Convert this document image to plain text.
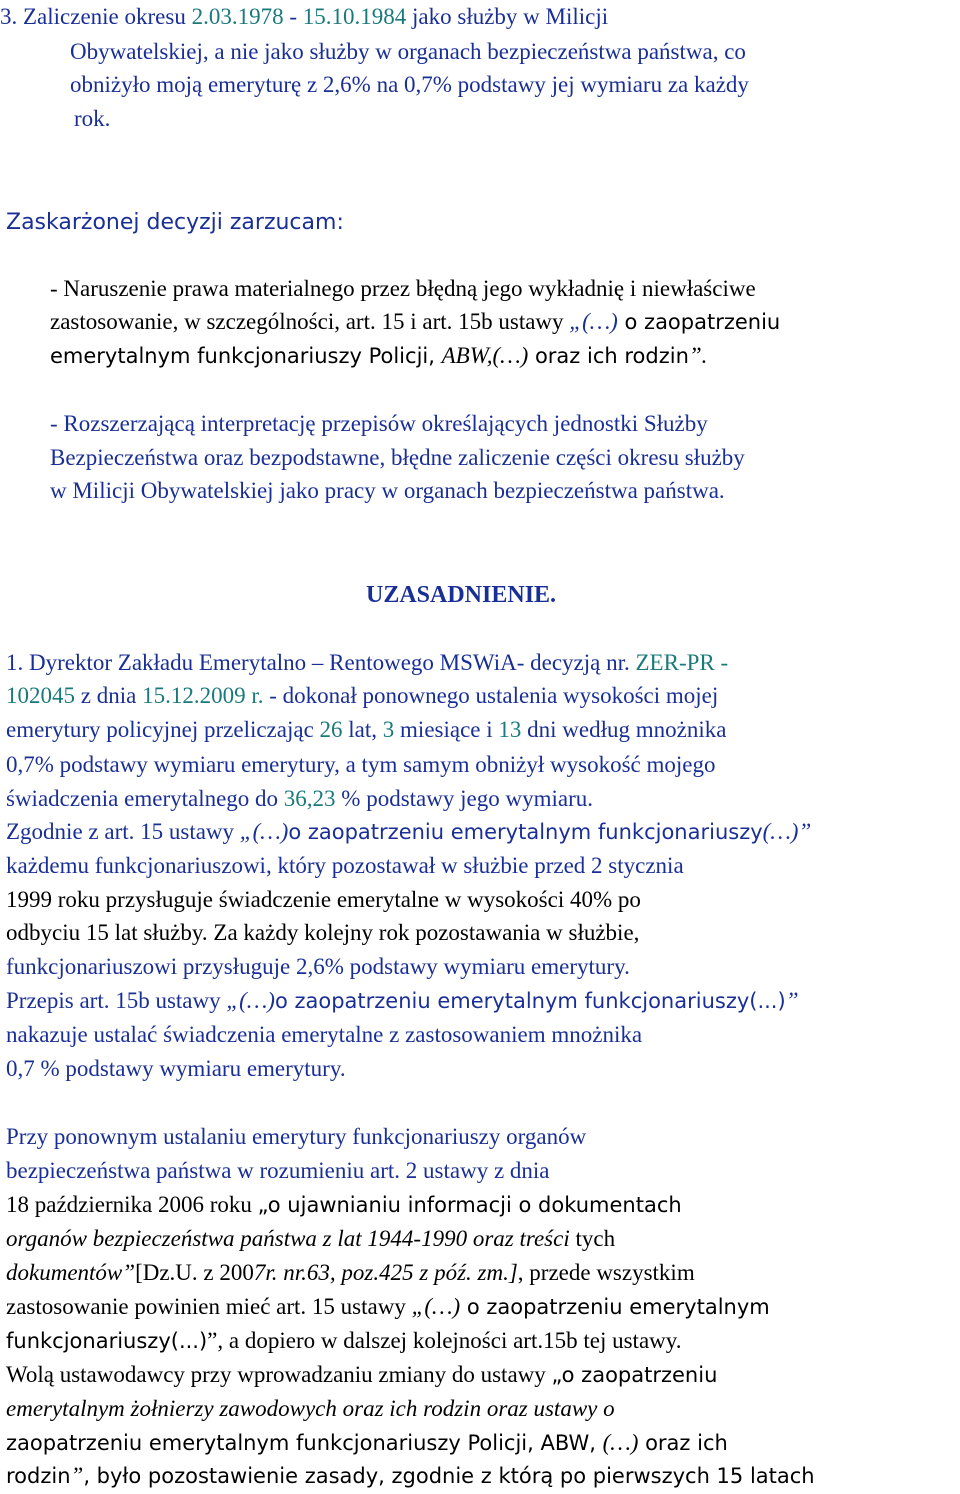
3. Zaliczenie okresu 2.03.1978 - 15.10.1984 jako służby w Milicji
Obywatelskiej, a nie jako służby w organach bezpieczeństwa państwa, co
obniżyło moją emeryturę z 2,6% na 0,7% podstawy jej wymiaru za każdy
rok.
Zaskarżonej decyzji zarzucam:
- Naruszenie prawa materialnego przez błędną jego wykładnię i niewłaściwe
zastosowanie, w szczególności, art. 15 i art. 15b ustawy „(…) o zaopatrzeniu
emerytalnym funkcjonariuszy Policji, ABW,(…) oraz ich rodzin”.
- Rozszerzającą interpretację przepisów określających jednostki Służby
Bezpieczeństwa oraz bezpodstawne, błędne zaliczenie części okresu służby
w Milicji Obywatelskiej jako pracy w organach bezpieczeństwa państwa.
UZASADNIENIE.
1. Dyrektor Zakładu Emerytalno – Rentowego MSWiA- decyzją nr. ZER-PR -
102045 z dnia 15.12.2009 r. - dokonał ponownego ustalenia wysokości mojej
emerytury policyjnej przeliczając 26 lat, 3 miesiące i 13 dni według mnożnika
0,7% podstawy wymiaru emerytury, a tym samym obniżył wysokość mojego
świadczenia emerytalnego do 36,23 % podstawy jego wymiaru.
Zgodnie z art. 15 ustawy „(…)o zaopatrzeniu emerytalnym funkcjonariuszy(…)”
każdemu funkcjonariuszowi, który pozostawał w służbie przed 2 stycznia
1999 roku przysługuje świadczenie emerytalne w wysokości 40% po
odbyciu 15 lat służby. Za każdy kolejny rok pozostawania w służbie,
funkcjonariuszowi przysługuje 2,6% podstawy wymiaru emerytury.
Przepis art. 15b ustawy „(…)o zaopatrzeniu emerytalnym funkcjonariuszy(...)”
nakazuje ustalać świadczenia emerytalne z zastosowaniem mnożnika
0,7 % podstawy wymiaru emerytury.
Przy ponownym ustalaniu emerytury funkcjonariuszy organów
bezpieczeństwa państwa w rozumieniu art. 2 ustawy z dnia
18 października 2006 roku „o ujawnianiu informacji o dokumentach
organów bezpieczeństwa państwa z lat 1944-1990 oraz treści tych
dokumentów”[Dz.U. z 2007r. nr.63, poz.425 z póź. zm.], przede wszystkim
zastosowanie powinien mieć art. 15 ustawy „(…) o zaopatrzeniu emerytalnym
funkcjonariuszy(...)”, a dopiero w dalszej kolejności art.15b tej ustawy.
Wolą ustawodawcy przy wprowadzaniu zmiany do ustawy „o zaopatrzeniu
emerytalnym żołnierzy zawodowych oraz ich rodzin oraz ustawy o
zaopatrzeniu emerytalnym funkcjonariuszy Policji, ABW, (…) oraz ich
rodzin”, było pozostawienie zasady, zgodnie z którą po pierwszych 15 latach
